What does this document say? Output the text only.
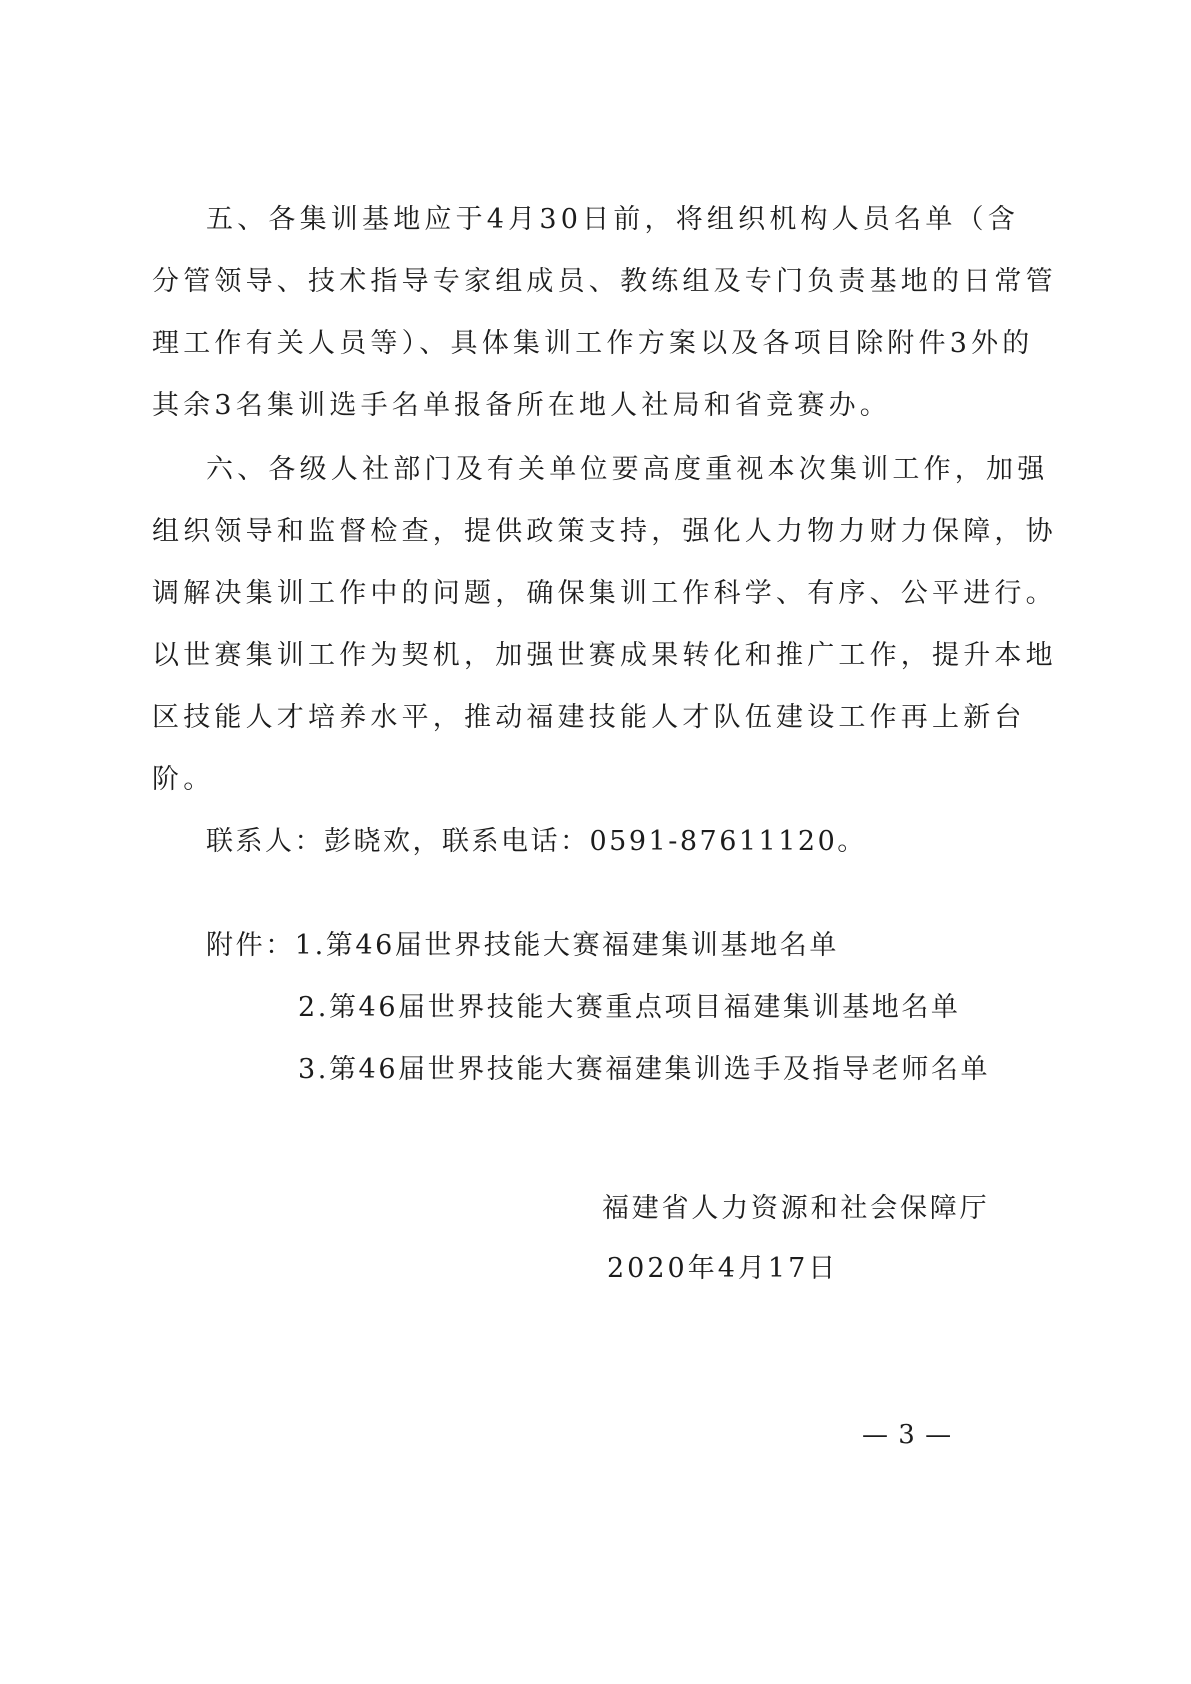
五、各集训基地应于4月30日前，将组织机构人员名单（含
分管领导、技术指导专家组成员、教练组及专门负责基地的日常管
理工作有关人员等）、具体集训工作方案以及各项目除附件3外的
其余3名集训选手名单报备所在地人社局和省竞赛办。
六、各级人社部门及有关单位要高度重视本次集训工作，加强
组织领导和监督检查，提供政策支持，强化人力物力财力保障，协
调解决集训工作中的问题，确保集训工作科学、有序、公平进行。
以世赛集训工作为契机，加强世赛成果转化和推广工作，提升本地
区技能人才培养水平，推动福建技能人才队伍建设工作再上新台
阶。
联系人：彭晓欢，联系电话：0591-87611120。
附件：1.第46届世界技能大赛福建集训基地名单
2.第46届世界技能大赛重点项目福建集训基地名单
3.第46届世界技能大赛福建集训选手及指导老师名单
福建省人力资源和社会保障厅
2020年4月17日
— 3 —
